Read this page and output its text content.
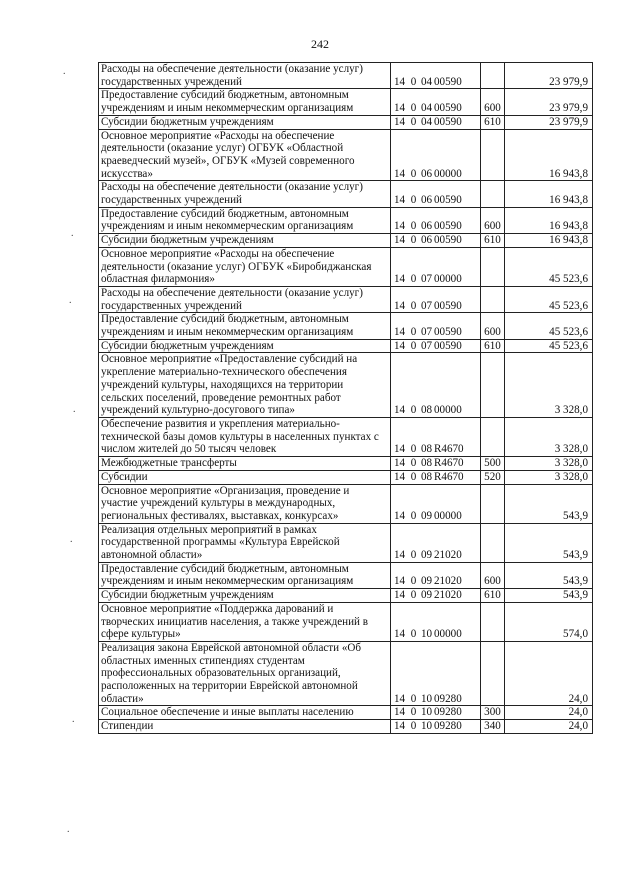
242
.
.
.
.
.
.
.
Расходы на обеспечение деятельности (оказание услуг) государственных учреждений	14 0 04 00590		23 979,9
Предоставление субсидий бюджетным, автономным учреждениям и иным некоммерческим организациям	14 0 04 00590	600	23 979,9
Субсидии бюджетным учреждениям	14 0 04 00590	610	23 979,9
Основное мероприятие «Расходы на обеспечение деятельности (оказание услуг) ОГБУК «Областной краеведческий музей», ОГБУК «Музей современного искусства»	14 0 06 00000		16 943,8
Расходы на обеспечение деятельности (оказание услуг) государственных учреждений	14 0 06 00590		16 943,8
Предоставление субсидий бюджетным, автономным учреждениям и иным некоммерческим организациям	14 0 06 00590	600	16 943,8
Субсидии бюджетным учреждениям	14 0 06 00590	610	16 943,8
Основное мероприятие «Расходы на обеспечение деятельности (оказание услуг) ОГБУК «Биробиджанская областная филармония»	14 0 07 00000		45 523,6
Расходы на обеспечение деятельности (оказание услуг) государственных учреждений	14 0 07 00590		45 523,6
Предоставление субсидий бюджетным, автономным учреждениям и иным некоммерческим организациям	14 0 07 00590	600	45 523,6
Субсидии бюджетным учреждениям	14 0 07 00590	610	45 523,6
Основное мероприятие «Предоставление субсидий на укрепление материально-технического обеспечения учреждений культуры, находящихся на территории сельских поселений, проведение ремонтных работ учреждений культурно-досугового типа»	14 0 08 00000		3 328,0
Обеспечение развития и укрепления материально-технической базы домов культуры в населенных пунктах с числом жителей до 50 тысяч человек	14 0 08 R4670		3 328,0
Межбюджетные трансферты	14 0 08 R4670	500	3 328,0
Субсидии	14 0 08 R4670	520	3 328,0
Основное мероприятие «Организация, проведение и участие учреждений культуры в международных, региональных фестивалях, выставках, конкурсах»	14 0 09 00000		543,9
Реализация отдельных мероприятий в рамках государственной программы «Культура Еврейской автономной области»	14 0 09 21020		543,9
Предоставление субсидий бюджетным, автономным учреждениям и иным некоммерческим организациям	14 0 09 21020	600	543,9
Субсидии бюджетным учреждениям	14 0 09 21020	610	543,9
Основное мероприятие «Поддержка дарований и творческих инициатив населения, а также учреждений в сфере культуры»	14 0 10 00000		574,0
Реализация закона Еврейской автономной области «Об областных именных стипендиях студентам профессиональных образовательных организаций, расположенных на территории Еврейской автономной области»	14 0 10 09280		24,0
Социальное обеспечение и иные выплаты населению	14 0 10 09280	300	24,0
Стипендии	14 0 10 09280	340	24,0
